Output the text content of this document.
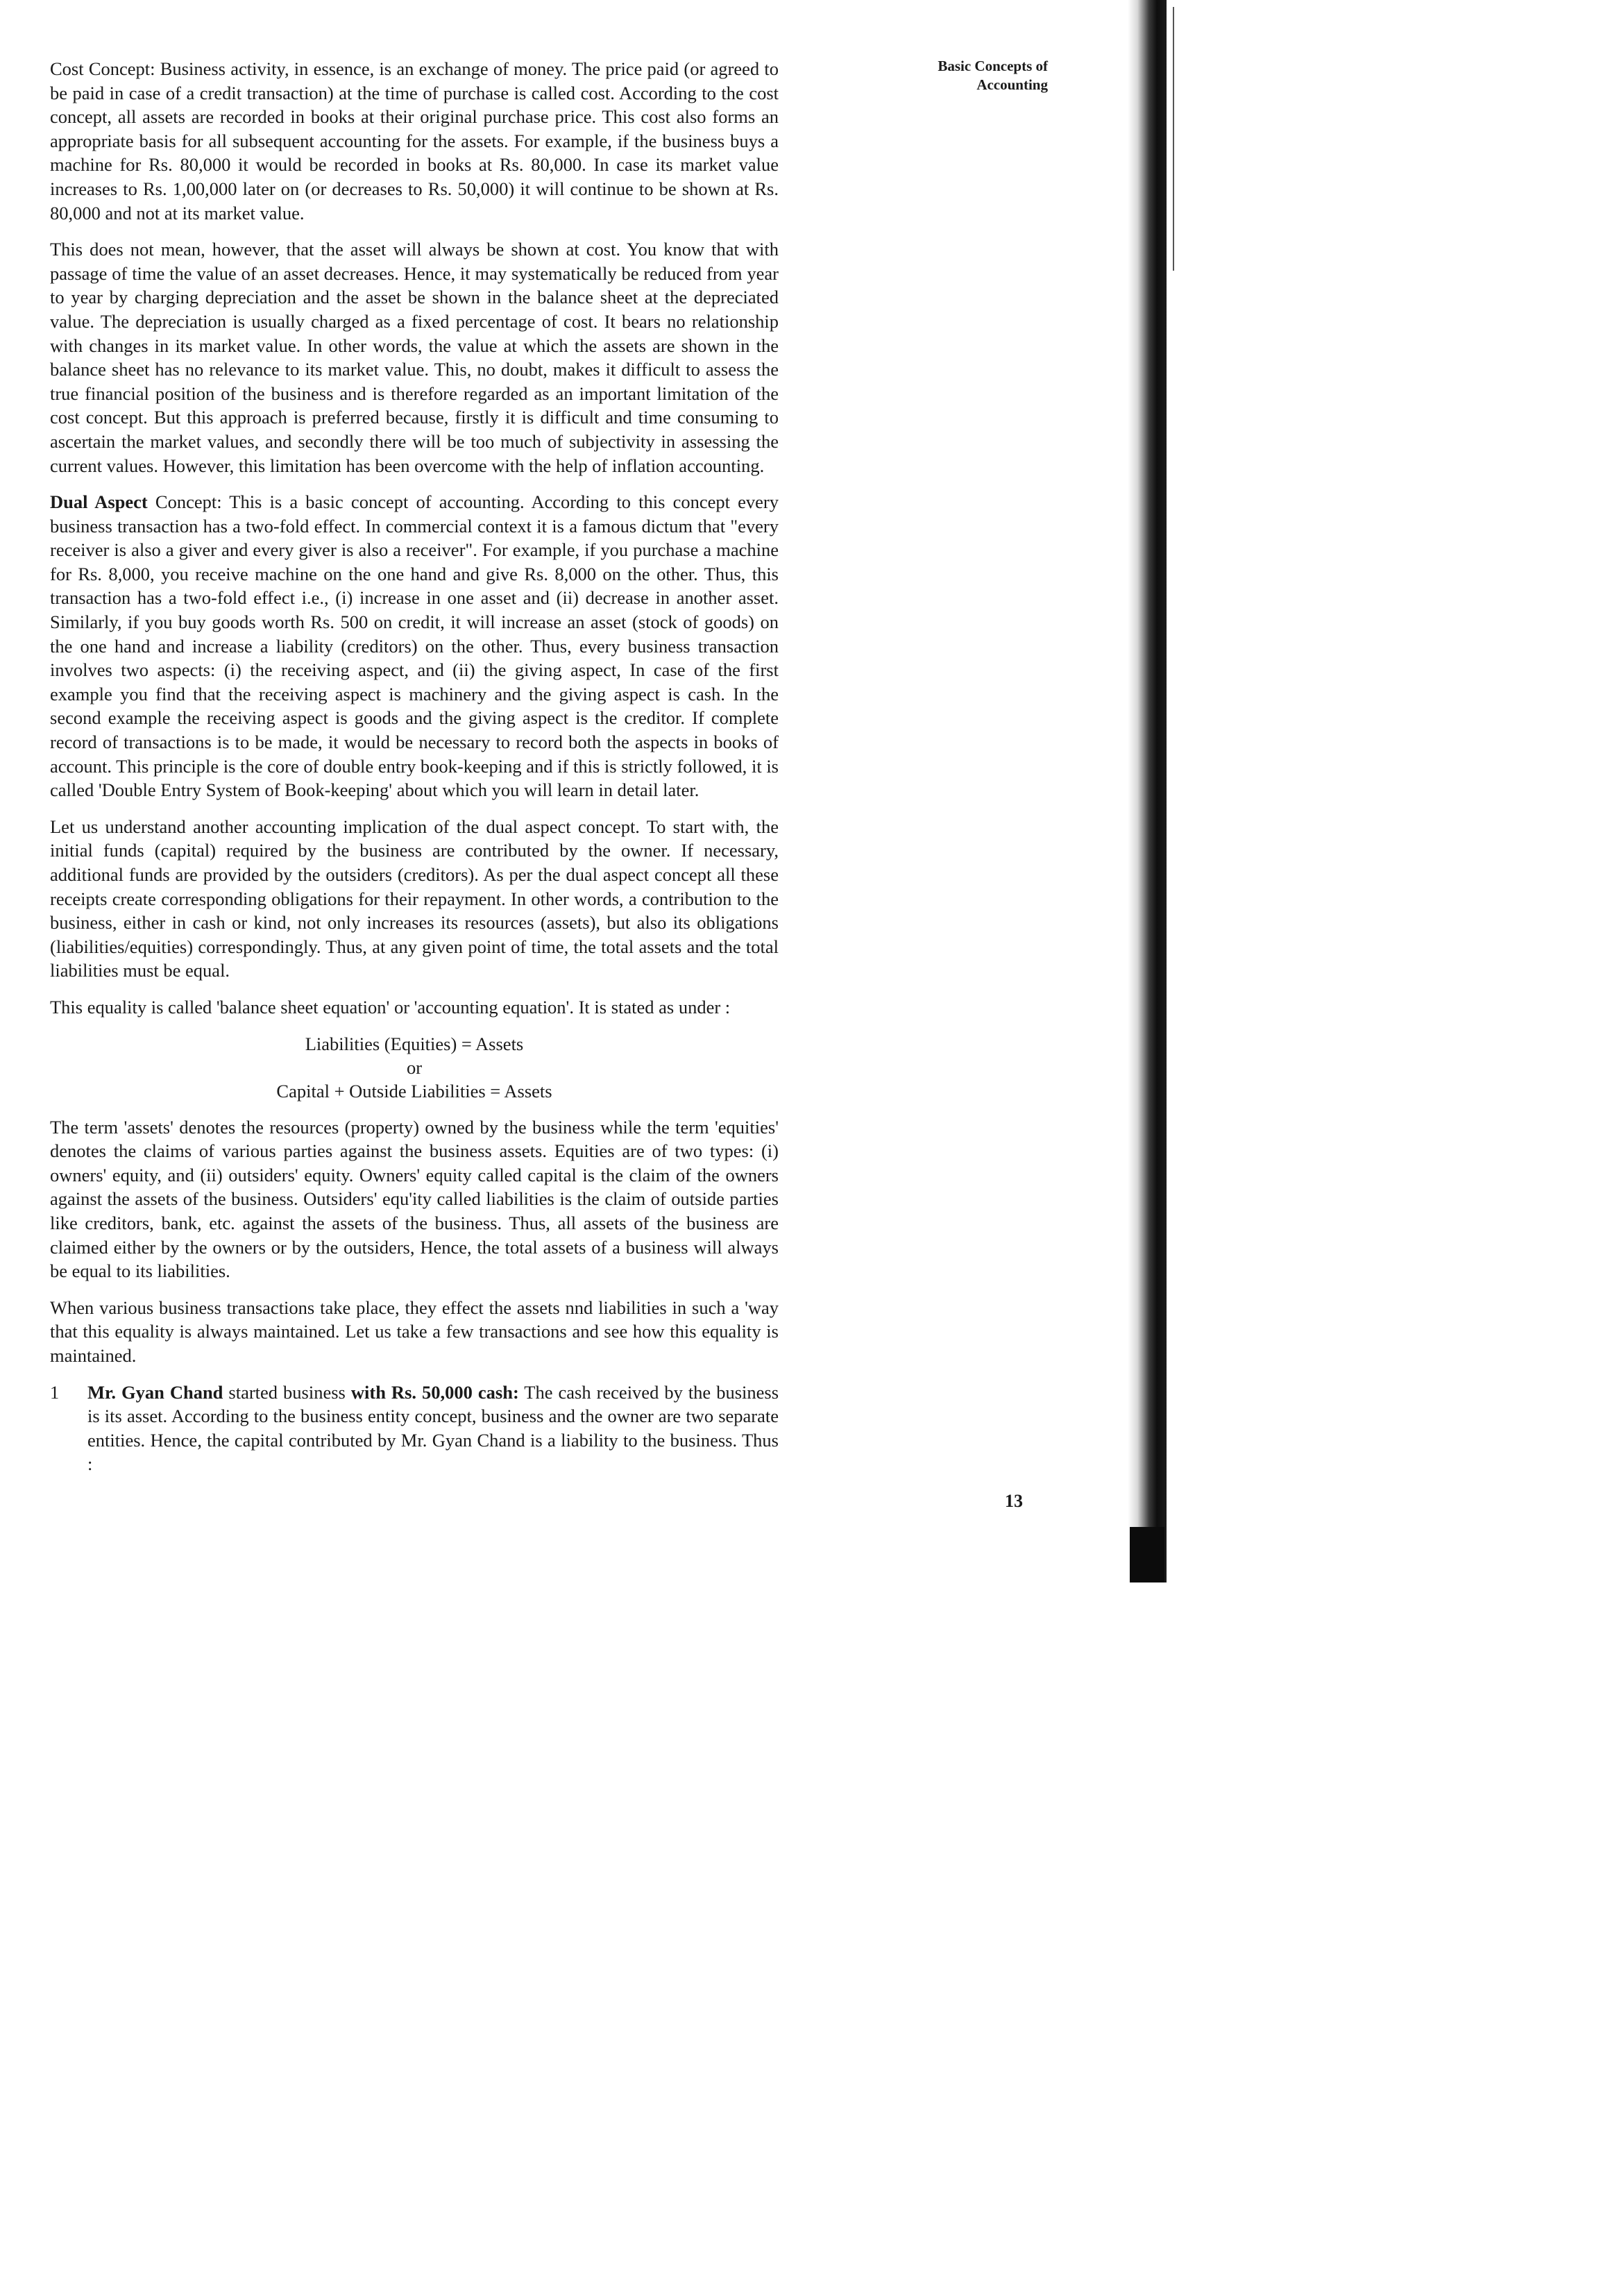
Cost Concept: Business activity, in essence, is an exchange of money. The price paid (or agreed to be paid in case of a credit transaction) at the time of purchase is called cost. According to the cost concept, all assets are recorded in books at their original purchase price. This cost also forms an appropriate basis for all subsequent accounting for the assets. For example, if the business buys a machine for Rs. 80,000 it would be recorded in books at Rs. 80,000. In case its market value increases to Rs. 1,00,000 later on (or decreases to Rs. 50,000) it will continue to be shown at Rs. 80,000 and not at its market value.

This does not mean, however, that the asset will always be shown at cost. You know that with passage of time the value of an asset decreases. Hence, it may systematically be reduced from year to year by charging depreciation and the asset be shown in the balance sheet at the depreciated value. The depreciation is usually charged as a fixed percentage of cost. It bears no relationship with changes in its market value. In other words, the value at which the assets are shown in the balance sheet has no relevance to its market value. This, no doubt, makes it difficult to assess the true financial position of the business and is therefore regarded as an important limitation of the cost concept. But this approach is preferred because, firstly it is difficult and time consuming to ascertain the market values, and secondly there will be too much of subjectivity in assessing the current values. However, this limitation has been overcome with the help of inflation accounting.

Dual Aspect Concept: This is a basic concept of accounting. According to this concept every business transaction has a two-fold effect. In commercial context it is a famous dictum that "every receiver is also a giver and every giver is also a receiver". For example, if you purchase a machine for Rs. 8,000, you receive machine on the one hand and give Rs. 8,000 on the other. Thus, this transaction has a two-fold effect i.e., (i) increase in one asset and (ii) decrease in another asset. Similarly, if you buy goods worth Rs. 500 on credit, it will increase an asset (stock of goods) on the one hand and increase a liability (creditors) on the other. Thus, every business transaction involves two aspects: (i) the receiving aspect, and (ii) the giving aspect, In case of the first example you find that the receiving aspect is machinery and the giving aspect is cash. In the second example the receiving aspect is goods and the giving aspect is the creditor. If complete record of transactions is to be made, it would be necessary to record both the aspects in books of account. This principle is the core of double entry book-keeping and if this is strictly followed, it is called 'Double Entry System of Book-keeping' about which you will learn in detail later.

Let us understand another accounting implication of the dual aspect concept. To start with, the initial funds (capital) required by the business are contributed by the owner. If necessary, additional funds are provided by the outsiders (creditors). As per the dual aspect concept all these receipts create corresponding obligations for their repayment. In other words, a contribution to the business, either in cash or kind, not only increases its resources (assets), but also its obligations (liabilities/equities) correspondingly. Thus, at any given point of time, the total assets and the total liabilities must be equal.

This equality is called 'balance sheet equation' or 'accounting equation'. It is stated as under :

Liabilities (Equities) = Assets
or
Capital + Outside Liabilities = Assets

The term 'assets' denotes the resources (property) owned by the business while the term 'equities' denotes the claims of various parties against the business assets. Equities are of two types: (i) owners' equity, and (ii) outsiders' equity. Owners' equity called capital is the claim of the owners against the assets of the business. Outsiders' equ'ity called liabilities is the claim of outside parties like creditors, bank, etc. against the assets of the business. Thus, all assets of the business are claimed either by the owners or by the outsiders, Hence, the total assets of a business will always be equal to its liabilities.

When various business transactions take place, they effect the assets nnd liabilities in such a 'way that this equality is always maintained. Let us take a few transactions and see how this equality is maintained.

1 Mr. Gyan Chand started business with Rs. 50,000 cash: The cash received by the business is its asset. According to the business entity concept, business and the owner are two separate entities. Hence, the capital contributed by Mr. Gyan Chand is a liability to the business. Thus :

Basic Concepts of
Accounting
13
